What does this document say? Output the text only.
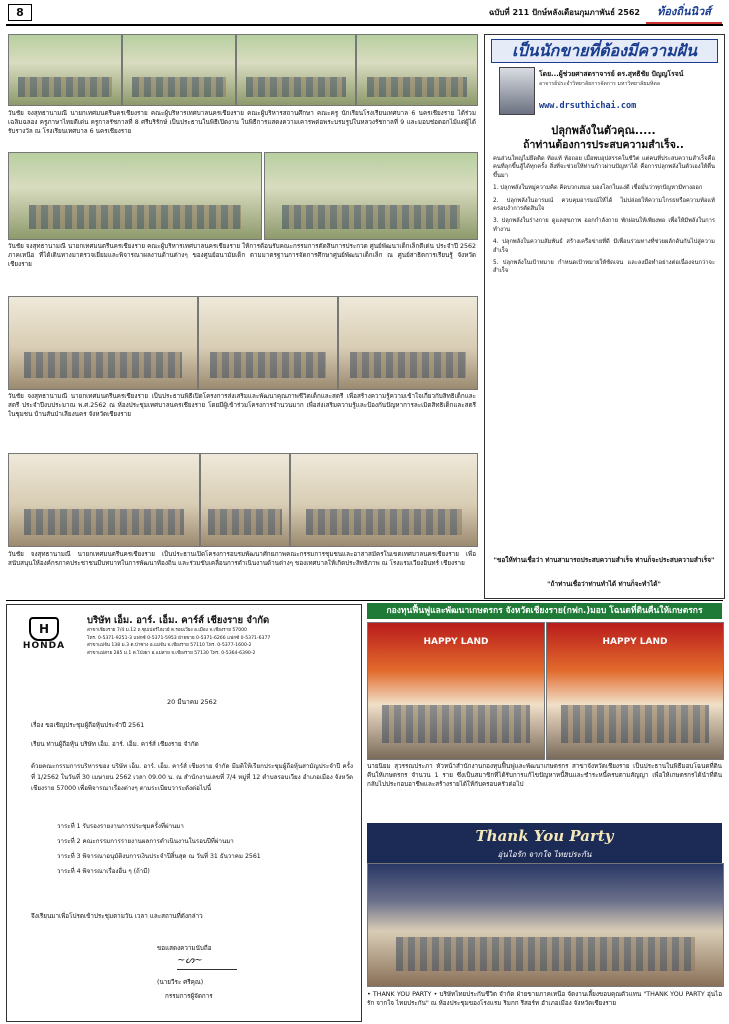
8	ฉบับที่ 211 ปักษ์หลังเดือนกุมภาพันธ์ 2562	ท้องถิ่นนิวส์
วันชัย จงสุทธานามณี นายกเทศมนตรีนครเชียงราย คณะผู้บริหารเทศบาลนครเชียงราย คณะผู้บริหารสถานศึกษา คณะครู นักเรียนโรงเรียนเทศบาล 6 นครเชียงราย ได้ร่วมเฉลิมฉลอง ครูภาษาไทยดีเด่น ครูกาลรัชกาลที่ 8 ศรีบริรักษ์ เป็นประธานในพิธีเปิดงาน ในพิธีการแสดงความเคารพต่อพระบรมรูปในหลวงรัชกาลที่ 9 และมอบช่อดอกไม้แด่ผู้ได้รับรางวัล ณ โรงเรียนเทศบาล 6 นครเชียงราย
วันชัย จงสุทธานามณี นายกเทศมนตรีนครเชียงราย คณะผู้บริหารเทศบาลนครเชียงราย ให้การต้อนรับคณะกรรมการตัดสินการประกวด ศูนย์พัฒนาเด็กเล็กดีเด่น ประจำปี 2562 ภาคเหนือ ที่ได้เดินทางมาตรวจเยี่ยมและพิจารณาผลงานด้านต่างๆ ของศูนย์อนามัยเด็ก ตามมาตรฐานการจัดการศึกษาศูนย์พัฒนาเด็กเล็ก ณ ศูนย์สาธิตการเรียนรู้ จังหวัดเชียงราย
วันชัย จงสุทธานามณี นายกเทศมนตรีนครเชียงราย เป็นประธานพิธีเปิดโครงการส่งเสริมและพัฒนาคุณภาพชีวิตเด็กและสตรี เพื่อสร้างความรู้ความเข้าใจเกี่ยวกับสิทธิเด็กและสตรี ประจำปีงบประมาณ พ.ศ.2562 ณ ห้องประชุมเทศบาลนครเชียงราย โดยมีผู้เข้าร่วมโครงการจำนวนมาก เพื่อส่งเสริมความรู้และป้องกันปัญหาการละเมิดสิทธิเด็กและสตรีในชุมชน บ้านสันป่าเลียงนคร จังหวัดเชียงราย
วันชัย จงสุทธานามณี นายกเทศมนตรีนครเชียงราย เป็นประธานเปิดโครงการอบรมพัฒนาศักยภาพคณะกรรมการชุมชนและอาสาสมัครในเขตเทศบาลนครเชียงราย เพื่อสนับสนุนให้องค์กรภาคประชาชนมีบทบาทในการพัฒนาท้องถิ่น และร่วมขับเคลื่อนการดำเนินงานด้านต่างๆ ของเทศบาลให้เกิดประสิทธิภาพ ณ โรงแรมเวียงอินทร์ เชียงราย
เป็นนักขายที่ต้องมีความฝัน
โดย...ผู้ช่วยศาสตราจารย์ ดร.สุทธิชัย ปัญญโรจน์
อาจารย์ประจำวิทยาลัยการจัดการ มหาวิทยาลัยมหิดล
www.drsuthichai.com
ปลุกพลังในตัวคุณ.....
ถ้าท่านต้องการประสบความสำเร็จ..

คนส่วนใหญ่ไม่ยึดติด ท้อแท้ ท้อถอย เมื่อพบอุปสรรคในชีวิต แต่คนที่ประสบความสำเร็จคือคนที่ลุกขึ้นสู้ได้ทุกครั้ง สิ่งที่จะช่วยให้ท่านก้าวผ่านปัญหาได้ คือการปลุกพลังในตัวเองให้ตื่นขึ้นมา

1. ปลุกพลังในหมู่ความคิด คิดบวกเสมอ มองโลกในแง่ดี เชื่อมั่นว่าทุกปัญหามีทางออก

2. ปลุกพลังในอารมณ์ ควบคุมอารมณ์ให้ได้ ไม่ปล่อยให้ความโกรธหรือความท้อแท้ครอบงำการตัดสินใจ

3. ปลุกพลังในร่างกาย ดูแลสุขภาพ ออกกำลังกาย พักผ่อนให้เพียงพอ เพื่อให้มีพลังในการทำงาน

4. ปลุกพลังในความสัมพันธ์ สร้างเครือข่ายที่ดี มีเพื่อนร่วมทางที่ช่วยผลักดันกันไปสู่ความสำเร็จ

5. ปลุกพลังในเป้าหมาย กำหนดเป้าหมายให้ชัดเจน และลงมือทำอย่างต่อเนื่องจนกว่าจะสำเร็จ

"ขอให้ท่านเชื่อว่า ท่านสามารถประสบความสำเร็จ ท่านก็จะประสบความสำเร็จ"
"ถ้าท่านเชื่อว่าท่านทำได้ ท่านก็จะทำได้"
H
HONDA
บริษัท เอ็ม. อาร์. เอ็ม. คาร์ส์ เชียงราย จำกัด
สาขาเชียงราย 7/4 ม.12 ถ.ซุปเปอร์ไฮเวย์ ต.รอบเวียง อ.เมือง จ.เชียงราย 57000
โทร. 0-5371-9251-3 แฟกซ์ 0-5371-5953 ฝ่ายขาย 0-5371-6266 แฟกซ์ 0-5371-6377
สาขาแม่จัน 138 ม.3 ต.ป่าซาง อ.แม่จัน จ.เชียงราย 57110 โทร. 0-5377-1600-2
สาขาแม่สาย 285 ม.1 ต.โป่งผา อ.แม่สาย จ.เชียงราย 57130 โทร. 0-5364-6390-2
20 มีนาคม 2562
เรื่อง ขอเชิญประชุมผู้ถือหุ้นประจำปี 2561
เรียน ท่านผู้ถือหุ้น บริษัท เอ็ม. อาร์. เอ็ม. คาร์ส์ เชียงราย จำกัด
ด้วยคณะกรรมการบริหารของ บริษัท เอ็ม. อาร์. เอ็ม. คาร์ส์ เชียงราย จำกัด มีมติให้เรียกประชุมผู้ถือหุ้นสามัญประจำปี ครั้งที่ 1/2562 ในวันที่ 30 เมษายน 2562 เวลา 09.00 น. ณ สำนักงานเลขที่ 7/4 หมู่ที่ 12 ตำบลรอบเวียง อำเภอเมือง จังหวัดเชียงราย 57000 เพื่อพิจารณาเรื่องต่างๆ ตามระเบียบวาระดังต่อไปนี้
วาระที่ 1 รับรองรายงานการประชุมครั้งที่ผ่านมา
วาระที่ 2 คณะกรรมการรายงานผลการดำเนินงานในรอบปีที่ผ่านมา
วาระที่ 3 พิจารณาอนุมัติงบการเงินประจำปีสิ้นสุด ณ วันที่ 31 ธันวาคม 2561
วาระที่ 4 พิจารณาเรื่องอื่น ๆ (ถ้ามี)
จึงเรียนมาเพื่อโปรดเข้าประชุมตามวัน เวลา และสถานที่ดังกล่าว
ขอแสดงความนับถือ
~ᔕ~
(นายวีระ ศรีคุณ)
กรรมการผู้จัดการ
กองทุนฟื้นฟูและพัฒนาเกษตรกร จังหวัดเชียงราย(กฟก.)มอบ โฉนดที่ดินคืนให้เกษตรกร
HAPPY LAND	HAPPY LAND
นายนิยม สุวรรณประภา หัวหน้าสำนักงานกองทุนฟื้นฟูและพัฒนาเกษตรกร สาขาจังหวัดเชียงราย เป็นประธานในพิธีมอบโฉนดที่ดินคืนให้เกษตรกร จำนวน 1 ราย ซึ่งเป็นสมาชิกที่ได้รับการแก้ไขปัญหาหนี้สินและชำระหนี้ครบตามสัญญา เพื่อให้เกษตรกรได้นำที่ดินกลับไปประกอบอาชีพและสร้างรายได้ให้กับครอบครัวต่อไป
Thank You Party
อุ่นไอรัก จากใจ ไทยประกัน
• THANK YOU PARTY • บริษัทไทยประกันชีวิต จำกัด ฝ่ายขายภาคเหนือ จัดงานเลี้ยงขอบคุณตัวแทน "THANK YOU PARTY อุ่นไอรัก จากใจ ไทยประกัน" ณ ห้องประชุมของโรงแรม ริมกก รีสอร์ท อำเภอเมือง จังหวัดเชียงราย
